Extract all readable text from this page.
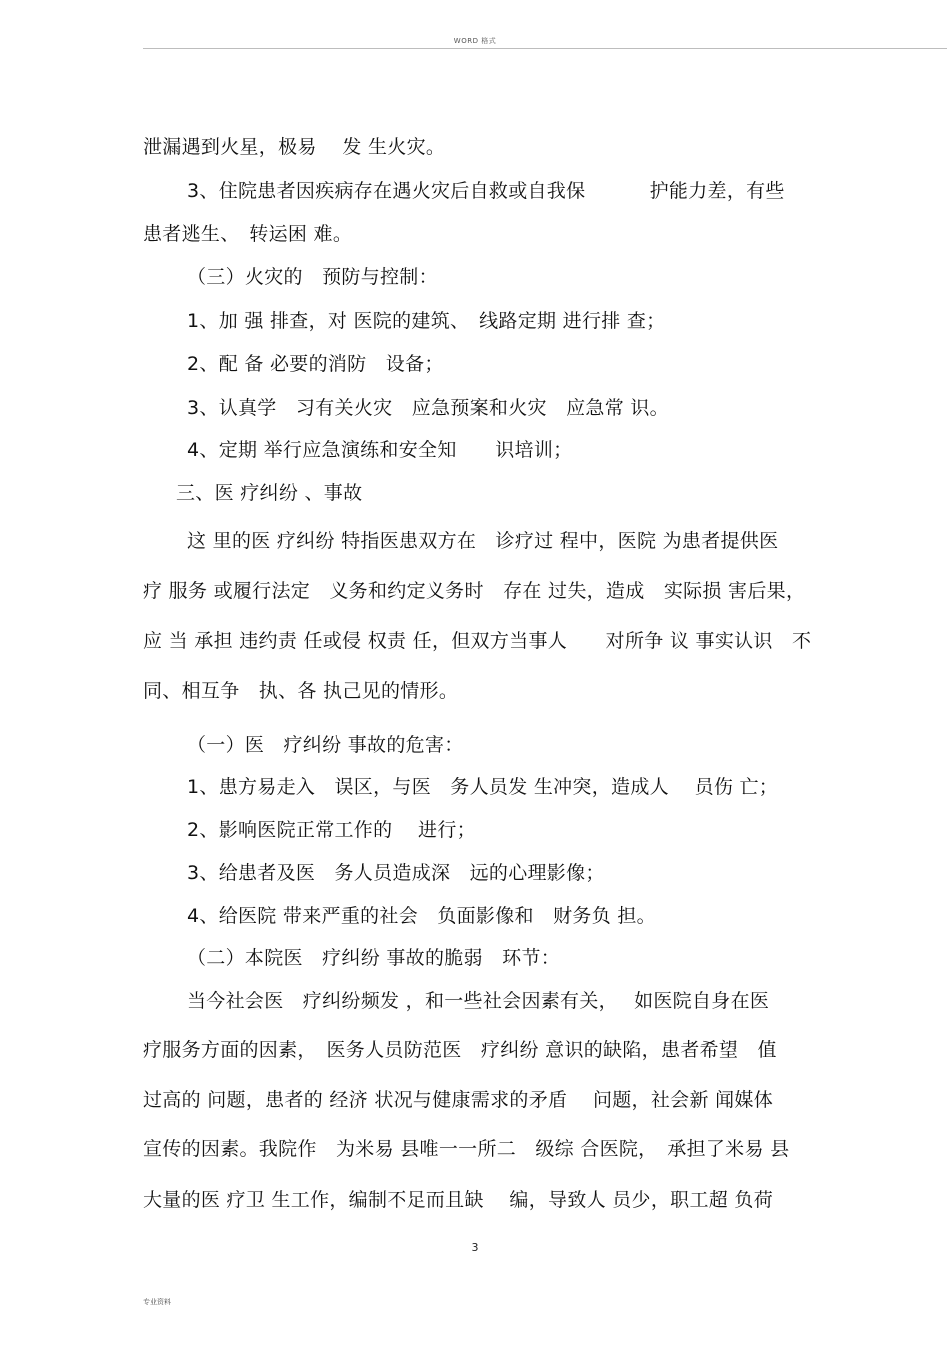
WORD 格式
泄漏遇到火星，极易　 发 生火灾。
3、住院患者因疾病存在遇火灾后自救或自我保　　　 护能力差，有些
患者逃生、　转运困 难。
（三）火灾的　预防与控制：
1、加 强 排查，对 医院的建筑、　线路定期 进行排 查；
2、配 备 必要的消防　设备；
3、认真学　习有关火灾　应急预案和火灾　应急常 识。
4、定期 举行应急演练和安全知　　识培训；
三、医 疗纠纷 、事故
这 里的医 疗纠纷 特指医患双方在　诊疗过 程中，医院 为患者提供医
疗 服务 或履行法定　义务和约定义务时　存在 过失，造成　实际损 害后果，
应 当 承担 违约责 任或侵 权责 任，但双方当事人　　对所争 议 事实认识　不
同、相互争　执、各 执己见的情形。
（一）医　疗纠纷 事故的危害：
1、患方易走入　误区，与医　务人员发 生冲突，造成人　 员伤 亡；
2、影响医院正常工作的　 进行；
3、给患者及医　务人员造成深　远的心理影像；
4、给医院 带来严重的社会　负面影像和　财务负 担。
（二）本院医　疗纠纷 事故的脆弱　环节：
当今社会医　疗纠纷频发 ，和一些社会因素有关，　 如医院自身在医
疗服务方面的因素，　医务人员防范医　疗纠纷 意识的缺陷，患者希望　值
过高的 问题，患者的 经济 状况与健康需求的矛盾　 问题，社会新 闻媒体
宣传的因素。我院作　为米易 县唯一一所二　级综 合医院，　承担了米易 县
大量的医 疗卫 生工作，编制不足而且缺　 编，导致人 员少，职工超 负荷
3
专业资料
